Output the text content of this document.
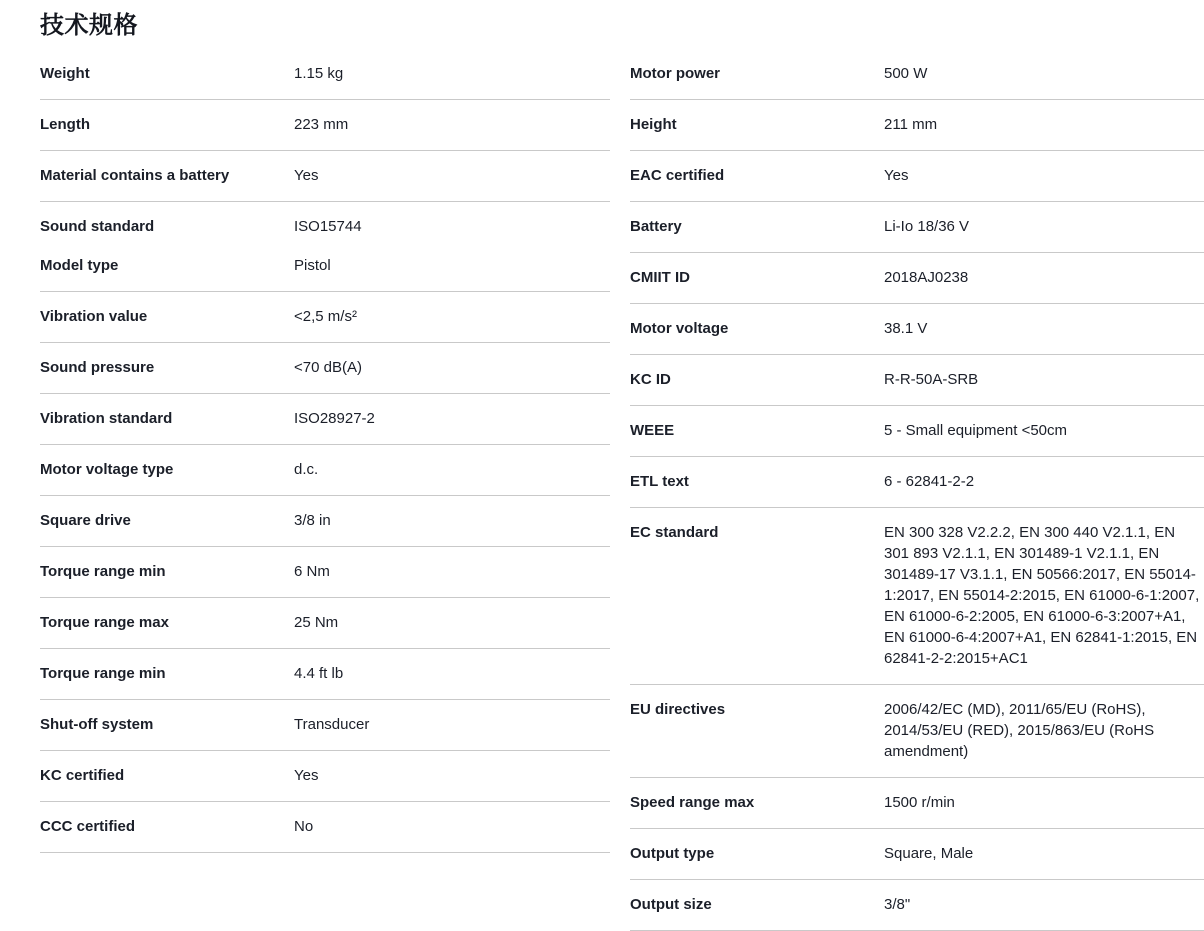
技术规格
Weight	1.15 kg
Length	223 mm
Material contains a battery	Yes
Sound standard	ISO15744
Model type	Pistol
Vibration value	<2,5 m/s²
Sound pressure	<70 dB(A)
Vibration standard	ISO28927-2
Motor voltage type	d.c.
Square drive	3/8 in
Torque range min	6 Nm
Torque range max	25 Nm
Torque range min	4.4 ft lb
Shut-off system	Transducer
KC certified	Yes
CCC certified	No
Motor power	500 W
Height	211 mm
EAC certified	Yes
Battery	Li-Io 18/36 V
CMIIT ID	2018AJ0238
Motor voltage	38.1 V
KC ID	R-R-50A-SRB
WEEE	5 - Small equipment <50cm
ETL text	6 - 62841-2-2
EC standard	EN 300 328 V2.2.2, EN 300 440 V2.1.1, EN 301 893 V2.1.1, EN 301489-1 V2.1.1, EN 301489-17 V3.1.1, EN 50566:2017, EN 55014-1:2017, EN 55014-2:2015, EN 61000-6-1:2007, EN 61000-6-2:2005, EN 61000-6-3:2007+A1, EN 61000-6-4:2007+A1, EN 62841-1:2015, EN 62841-2-2:2015+AC1
EU directives	2006/42/EC (MD), 2011/65/EU (RoHS), 2014/53/EU (RED), 2015/863/EU (RoHS amendment)
Speed range max	1500 r/min
Output type	Square, Male
Output size	3/8"
